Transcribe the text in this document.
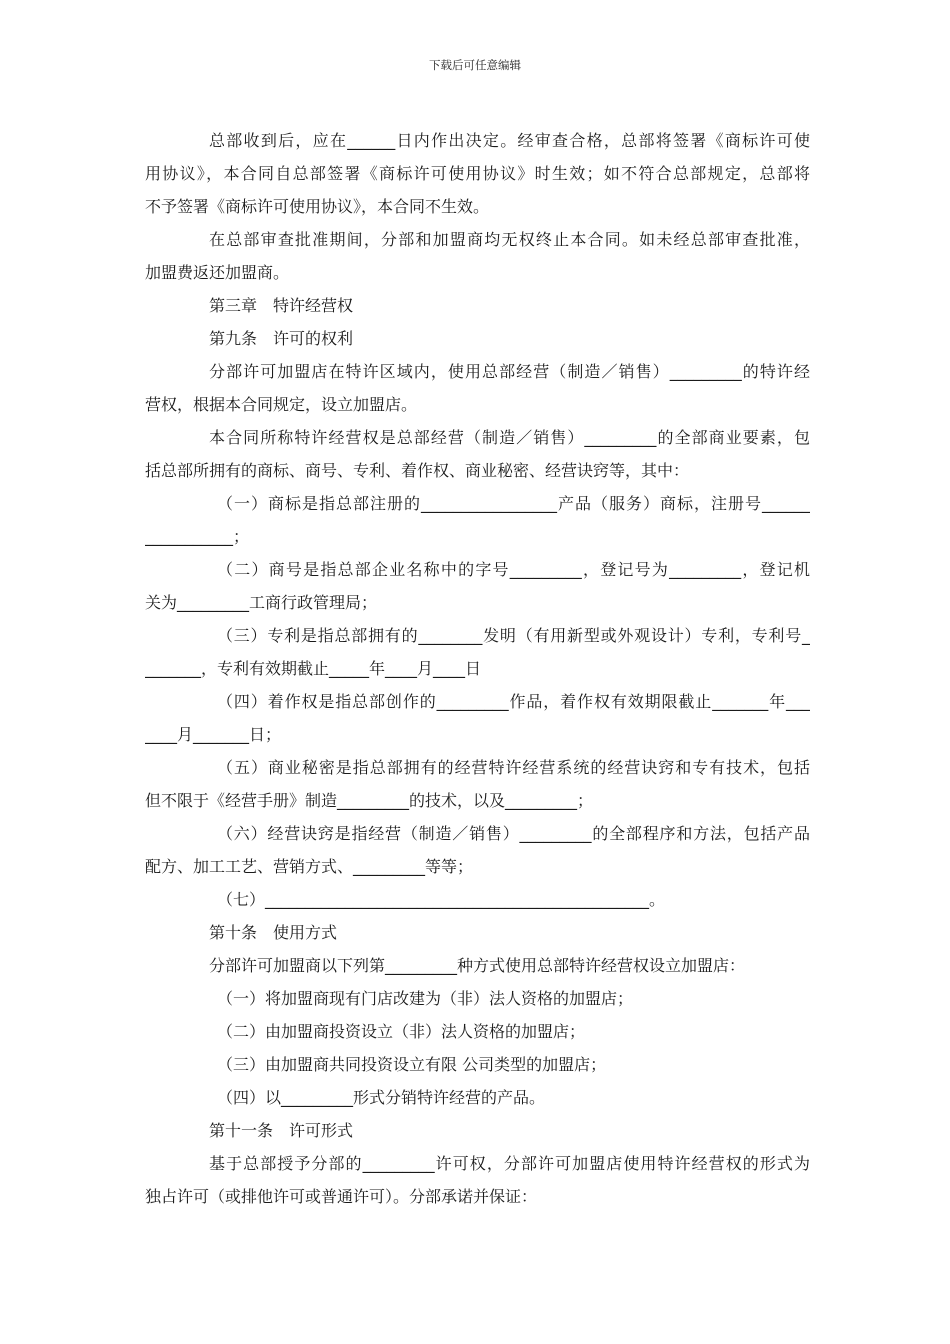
下载后可任意编辑
总部收到后，应在______日内作出决定。经审查合格，总部将签署《商标许可使
用协议》，本合同自总部签署《商标许可使用协议》时生效；如不符合总部规定，总部将
不予签署《商标许可使用协议》，本合同不生效。
在总部审查批准期间，分部和加盟商均无权终止本合同。如未经总部审查批准，
加盟费返还加盟商。
第三章　特许经营权
第九条　许可的权利
分部许可加盟店在特许区域内，使用总部经营（制造／销售）_________的特许经
营权，根据本合同规定，设立加盟店。
本合同所称特许经营权是总部经营（制造／销售）_________的全部商业要素，包
括总部所拥有的商标、商号、专利、着作权、商业秘密、经营诀窍等，其中：
（一）商标是指总部注册的_________________产品（服务）商标，注册号______
___________；
（二）商号是指总部企业名称中的字号_________，登记号为_________，登记机
关为_________工商行政管理局；
（三）专利是指总部拥有的________发明（有用新型或外观设计）专利，专利号_
_______，专利有效期截止_____年____月____日
（四）着作权是指总部创作的_________作品，着作权有效期限截止_______年___
____月_______日；
（五）商业秘密是指总部拥有的经营特许经营系统的经营诀窍和专有技术，包括
但不限于《经营手册》制造_________的技术，以及_________；
（六）经营诀窍是指经营（制造／销售）_________的全部程序和方法，包括产品
配方、加工工艺、营销方式、_________等等；
（七）________________________________________________。
第十条　使用方式
分部许可加盟商以下列第_________种方式使用总部特许经营权设立加盟店：
（一）将加盟商现有门店改建为（非）法人资格的加盟店；
（二）由加盟商投资设立（非）法人资格的加盟店；
（三）由加盟商共同投资设立有限 公司类型的加盟店；
（四）以_________形式分销特许经营的产品。
第十一条　许可形式
基于总部授予分部的_________许可权，分部许可加盟店使用特许经营权的形式为
独占许可（或排他许可或普通许可）。分部承诺并保证：
